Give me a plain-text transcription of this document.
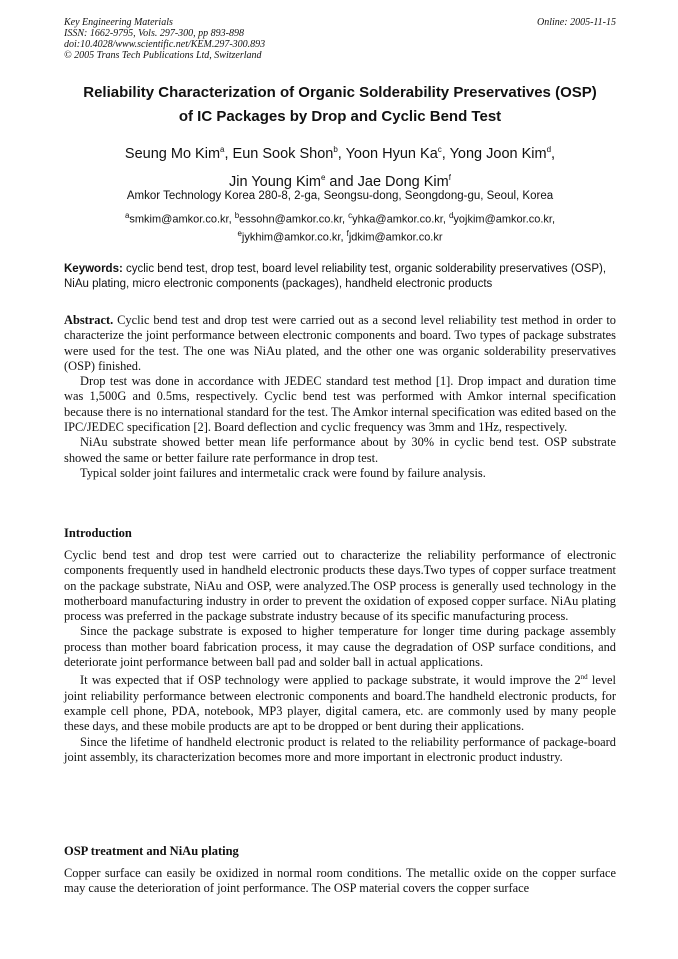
Key Engineering Materials
ISSN: 1662-9795, Vols. 297-300, pp 893-898
doi:10.4028/www.scientific.net/KEM.297-300.893
© 2005 Trans Tech Publications Ltd, Switzerland
Online: 2005-11-15
Reliability Characterization of Organic Solderability Preservatives (OSP)
of IC Packages by Drop and Cyclic Bend Test
Seung Mo Kim$^a$, Eun Sook Shon$^b$, Yoon Hyun Ka$^c$, Yong Joon Kim$^d$,
Jin Young Kim$^e$ and Jae Dong Kim$^f$
Amkor Technology Korea 280-8, 2-ga, Seongsu-dong, Seongdong-gu, Seoul, Korea
$^a$smkim@amkor.co.kr, $^b$essohn@amkor.co.kr, $^c$yhka@amkor.co.kr, $^d$yojkim@amkor.co.kr,
$^e$jykhim@amkor.co.kr, $^f$jdkim@amkor.co.kr
Keywords: cyclic bend test, drop test, board level reliability test, organic solderability preservatives (OSP), NiAu plating, micro electronic components (packages), handheld electronic products

Abstract. Cyclic bend test and drop test were carried out as a second level reliability test method in order to characterize the joint performance between electronic components and board. Two types of package substrates were used for the test. The one was NiAu plated, and the other one was organic solderability preservatives (OSP) finished.

Drop test was done in accordance with JEDEC standard test method [1]. Drop impact and duration time was 1,500G and 0.5ms, respectively. Cyclic bend test was performed with Amkor internal specification because there is no international standard for the test. The Amkor internal specification was edited based on the IPC/JEDEC specification [2]. Board deflection and cyclic frequency was 3mm and 1Hz, respectively.

NiAu substrate showed better mean life performance about by 30% in cyclic bend test. OSP substrate showed the same or better failure rate performance in drop test.

Typical solder joint failures and intermetalic crack were found by failure analysis.

Introduction

Cyclic bend test and drop test were carried out to characterize the reliability performance of electronic components frequently used in handheld electronic products these days.Two types of copper surface treatment on the package substrate, NiAu and OSP, were analyzed.The OSP process is generally used technology in the motherboard manufacturing industry in order to prevent the oxidation of exposed copper surface. NiAu plating process was preferred in the package substrate industry because of its specific manufacturing process.

Since the package substrate is exposed to higher temperature for longer time during package assembly process than mother board fabrication process, it may cause the degradation of OSP surface conditions, and deteriorate joint performance between ball pad and solder ball in actual applications.

It was expected that if OSP technology were applied to package substrate, it would improve the 2nd level joint reliability performance between electronic components and board.The handheld electronic products, for example cell phone, PDA, notebook, MP3 player, digital camera, etc. are commonly used by many people these days, and these mobile products are apt to be dropped or bent during their applications.

Since the lifetime of handheld electronic product is related to the reliability performance of package-board joint assembly, its characterization becomes more and more important in electronic product industry.

OSP treatment and NiAu plating

Copper surface can easily be oxidized in normal room conditions. The metallic oxide on the copper surface may cause the deterioration of joint performance. The OSP material covers the copper surface
